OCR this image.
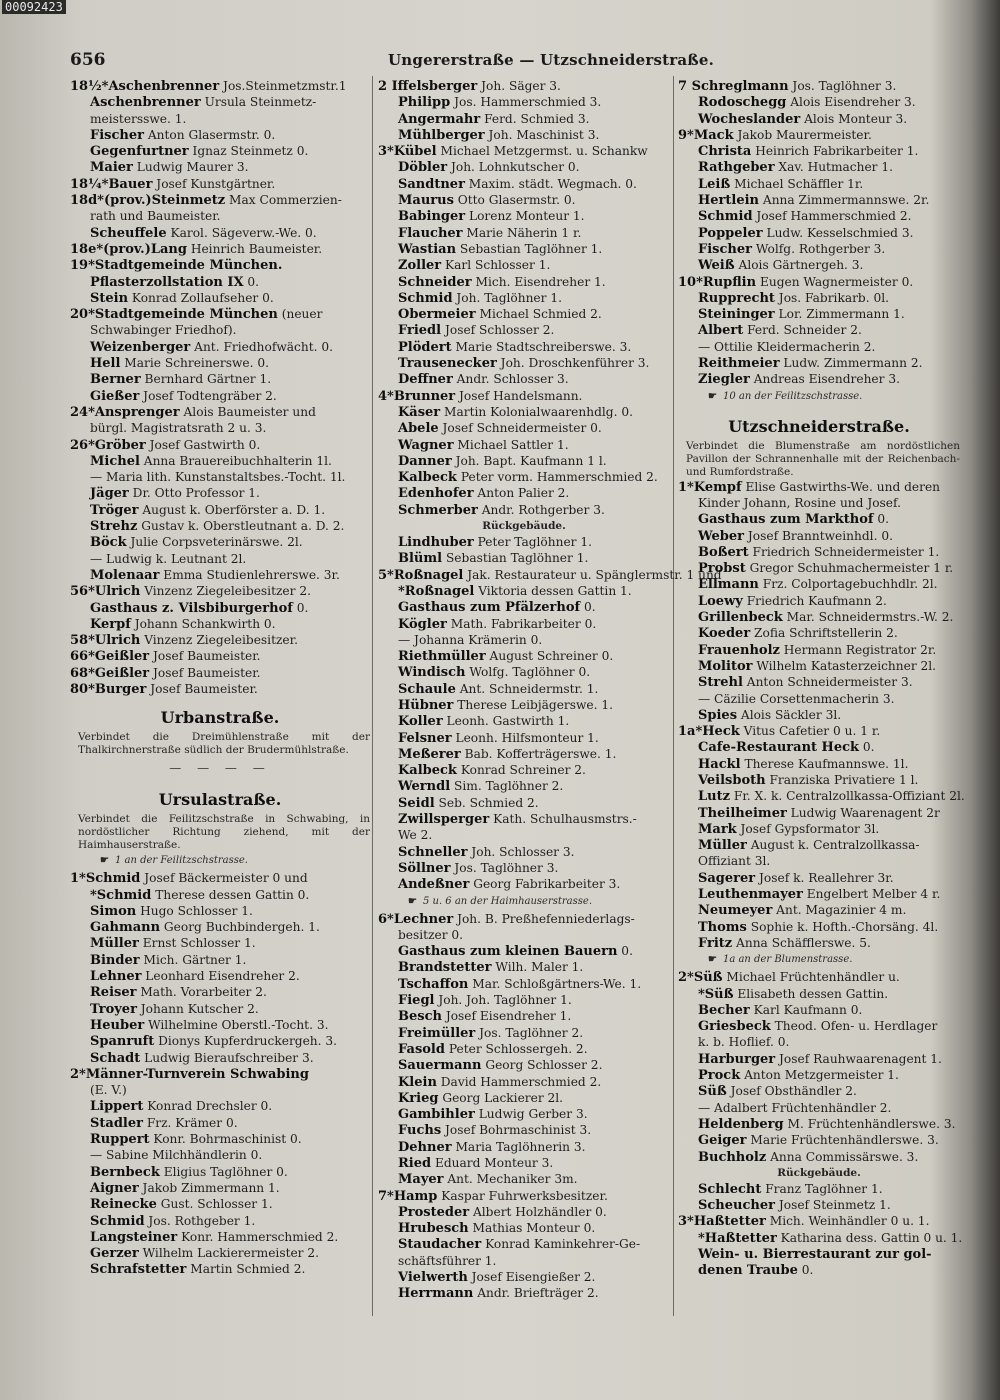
00092423
656	Ungererstraße — Utzschneiderstraße.
18½*Aschenbrenner Jos.Steinmetzmstr.1
Aschenbrenner Ursula Steinmetz-
meistersswe. 1.
Fischer Anton Glasermstr. 0.
Gegenfurtner Ignaz Steinmetz 0.
Maier Ludwig Maurer 3.
18¼*Bauer Josef Kunstgärtner.
18d*(prov.)Steinmetz Max Commerzien-
rath und Baumeister.
Scheuffele Karol. Sägeverw.-We. 0.
18e*(prov.)Lang Heinrich Baumeister.
19*Stadtgemeinde München.
Pflasterzollstation IX 0.
Stein Konrad Zollaufseher 0.
20*Stadtgemeinde München (neuer
Schwabinger Friedhof).
Weizenberger Ant. Friedhofwächt. 0.
Hell Marie Schreinerswe. 0.
Berner Bernhard Gärtner 1.
Gießer Josef Todtengräber 2.
24*Ansprenger Alois Baumeister und
bürgl. Magistratsrath 2 u. 3.
26*Gröber Josef Gastwirth 0.
Michel Anna Brauereibuchhalterin 1l.
— Maria lith. Kunstanstaltsbes.-Tocht. 1l.
Jäger Dr. Otto Professor 1.
Tröger August k. Oberförster a. D. 1.
Strehz Gustav k. Oberstleutnant a. D. 2.
Böck Julie Corpsveterinärswe. 2l.
— Ludwig k. Leutnant 2l.
Molenaar Emma Studienlehrerswe. 3r.
56*Ulrich Vinzenz Ziegeleibesitzer 2.
Gasthaus z. Vilsbiburgerhof 0.
Kerpf Johann Schankwirth 0.
58*Ulrich Vinzenz Ziegeleibesitzer.
66*Geißler Josef Baumeister.
68*Geißler Josef Baumeister.
80*Burger Josef Baumeister.
Urbanstraße.
Verbindet die Dreimühlenstraße mit der Thalkirchnerstraße südlich der Brudermühlstraße.
— — — —
Ursulastraße.
Verbindet die Feilitzschstraße in Schwabing, in nordöstlicher Richtung ziehend, mit der Haimhauserstraße.
☛ 1 an der Feilitzschstrasse.
1*Schmid Josef Bäckermeister 0 und
*Schmid Therese dessen Gattin 0.
Simon Hugo Schlosser 1.
Gahmann Georg Buchbindergeh. 1.
Müller Ernst Schlosser 1.
Binder Mich. Gärtner 1.
Lehner Leonhard Eisendreher 2.
Reiser Math. Vorarbeiter 2.
Troyer Johann Kutscher 2.
Heuber Wilhelmine Oberstl.-Tocht. 3.
Spanruft Dionys Kupferdruckergeh. 3.
Schadt Ludwig Bieraufschreiber 3.
2*Männer-Turnverein Schwabing
(E. V.)
Lippert Konrad Drechsler 0.
Stadler Frz. Krämer 0.
Ruppert Konr. Bohrmaschinist 0.
— Sabine Milchhändlerin 0.
Bernbeck Eligius Taglöhner 0.
Aigner Jakob Zimmermann 1.
Reinecke Gust. Schlosser 1.
Schmid Jos. Rothgeber 1.
Langsteiner Konr. Hammerschmied 2.
Gerzer Wilhelm Lackierermeister 2.
Schrafstetter Martin Schmied 2.
2 Iffelsberger Joh. Säger 3.
Philipp Jos. Hammerschmied 3.
Angermahr Ferd. Schmied 3.
Mühlberger Joh. Maschinist 3.
3*Kübel Michael Metzgermst. u. Schankw
Döbler Joh. Lohnkutscher 0.
Sandtner Maxim. städt. Wegmach. 0.
Maurus Otto Glasermstr. 0.
Babinger Lorenz Monteur 1.
Flaucher Marie Näherin 1 r.
Wastian Sebastian Taglöhner 1.
Zoller Karl Schlosser 1.
Schneider Mich. Eisendreher 1.
Schmid Joh. Taglöhner 1.
Obermeier Michael Schmied 2.
Friedl Josef Schlosser 2.
Plödert Marie Stadtschreiberswe. 3.
Trausenecker Joh. Droschkenführer 3.
Deffner Andr. Schlosser 3.
4*Brunner Josef Handelsmann.
Käser Martin Kolonialwaarenhdlg. 0.
Abele Josef Schneidermeister 0.
Wagner Michael Sattler 1.
Danner Joh. Bapt. Kaufmann 1 l.
Kalbeck Peter vorm. Hammerschmied 2.
Edenhofer Anton Palier 2.
Schmerber Andr. Rothgerber 3.
Rückgebäude.
Lindhuber Peter Taglöhner 1.
Blüml Sebastian Taglöhner 1.
5*Roßnagel Jak. Restaurateur u. Spänglermstr. 1 und
*Roßnagel Viktoria dessen Gattin 1.
Gasthaus zum Pfälzerhof 0.
Kögler Math. Fabrikarbeiter 0.
— Johanna Krämerin 0.
Riethmüller August Schreiner 0.
Windisch Wolfg. Taglöhner 0.
Schaule Ant. Schneidermstr. 1.
Hübner Therese Leibjägerswe. 1.
Koller Leonh. Gastwirth 1.
Felsner Leonh. Hilfsmonteur 1.
Meßerer Bab. Kofferträgerswe. 1.
Kalbeck Konrad Schreiner 2.
Werndl Sim. Taglöhner 2.
Seidl Seb. Schmied 2.
Zwillsperger Kath. Schulhausmstrs.-
We 2.
Schneller Joh. Schlosser 3.
Söllner Jos. Taglöhner 3.
Andeßner Georg Fabrikarbeiter 3.
☛ 5 u. 6 an der Haimhauserstrasse.
6*Lechner Joh. B. Preßhefenniederlags-
besitzer 0.
Gasthaus zum kleinen Bauern 0.
Brandstetter Wilh. Maler 1.
Tschaffon Mar. Schloßgärtners-We. 1.
Fiegl Joh. Joh. Taglöhner 1.
Besch Josef Eisendreher 1.
Freimüller Jos. Taglöhner 2.
Fasold Peter Schlossergeh. 2.
Sauermann Georg Schlosser 2.
Klein David Hammerschmied 2.
Krieg Georg Lackierer 2l.
Gambihler Ludwig Gerber 3.
Fuchs Josef Bohrmaschinist 3.
Dehner Maria Taglöhnerin 3.
Ried Eduard Monteur 3.
Mayer Ant. Mechaniker 3m.
7*Hamp Kaspar Fuhrwerksbesitzer.
Prosteder Albert Holzhändler 0.
Hrubesch Mathias Monteur 0.
Staudacher Konrad Kaminkehrer-Ge-
schäftsführer 1.
Vielwerth Josef Eisengießer 2.
Herrmann Andr. Briefträger 2.
7 Schreglmann Jos. Taglöhner 3.
Rodoschegg Alois Eisendreher 3.
Wocheslander Alois Monteur 3.
9*Mack Jakob Maurermeister.
Christa Heinrich Fabrikarbeiter 1.
Rathgeber Xav. Hutmacher 1.
Leiß Michael Schäffler 1r.
Hertlein Anna Zimmermannswe. 2r.
Schmid Josef Hammerschmied 2.
Poppeler Ludw. Kesselschmied 3.
Fischer Wolfg. Rothgerber 3.
Weiß Alois Gärtnergeh. 3.
10*Rupflin Eugen Wagnermeister 0.
Rupprecht Jos. Fabrikarb. 0l.
Steininger Lor. Zimmermann 1.
Albert Ferd. Schneider 2.
— Ottilie Kleidermacherin 2.
Reithmeier Ludw. Zimmermann 2.
Ziegler Andreas Eisendreher 3.
☛ 10 an der Feilitzschstrasse.
Utzschneiderstraße.
Verbindet die Blumenstraße am nordöstlichen Pavillon der Schrannenhalle mit der Reichenbach- und Rumfordstraße.
1*Kempf Elise Gastwirths-We. und deren
Kinder Johann, Rosine und Josef.
Gasthaus zum Markthof 0.
Weber Josef Branntweinhdl. 0.
Boßert Friedrich Schneidermeister 1.
Probst Gregor Schuhmachermeister 1 r.
Ellmann Frz. Colportagebuchhdlr. 2l.
Loewy Friedrich Kaufmann 2.
Grillenbeck Mar. Schneidermstrs.-W. 2.
Koeder Zofia Schriftstellerin 2.
Frauenholz Hermann Registrator 2r.
Molitor Wilhelm Katasterzeichner 2l.
Strehl Anton Schneidermeister 3.
— Cäzilie Corsettenmacherin 3.
Spies Alois Säckler 3l.
1a*Heck Vitus Cafetier 0 u. 1 r.
Cafe-Restaurant Heck 0.
Hackl Therese Kaufmannswe. 1l.
Veilsboth Franziska Privatiere 1 l.
Lutz Fr. X. k. Centralzollkassa-Offiziant 2l.
Theilheimer Ludwig Waarenagent 2r
Mark Josef Gypsformator 3l.
Müller August k. Centralzollkassa-
Offiziant 3l.
Sagerer Josef k. Reallehrer 3r.
Leuthenmayer Engelbert Melber 4 r.
Neumeyer Ant. Magazinier 4 m.
Thoms Sophie k. Hofth.-Chorsäng. 4l.
Fritz Anna Schäfflerswe. 5.
☛ 1a an der Blumenstrasse.
2*Süß Michael Früchtenhändler u.
*Süß Elisabeth dessen Gattin.
Becher Karl Kaufmann 0.
Griesbeck Theod. Ofen- u. Herdlager
k. b. Hoflief. 0.
Harburger Josef Rauhwaarenagent 1.
Prock Anton Metzgermeister 1.
Süß Josef Obsthändler 2.
— Adalbert Früchtenhändler 2.
Heldenberg M. Früchtenhändlerswe. 3.
Geiger Marie Früchtenhändlerswe. 3.
Buchholz Anna Commissärswe. 3.
Rückgebäude.
Schlecht Franz Taglöhner 1.
Scheucher Josef Steinmetz 1.
3*Haßtetter Mich. Weinhändler 0 u. 1.
*Haßtetter Katharina dess. Gattin 0 u. 1.
Wein- u. Bierrestaurant zur gol-
denen Traube 0.
